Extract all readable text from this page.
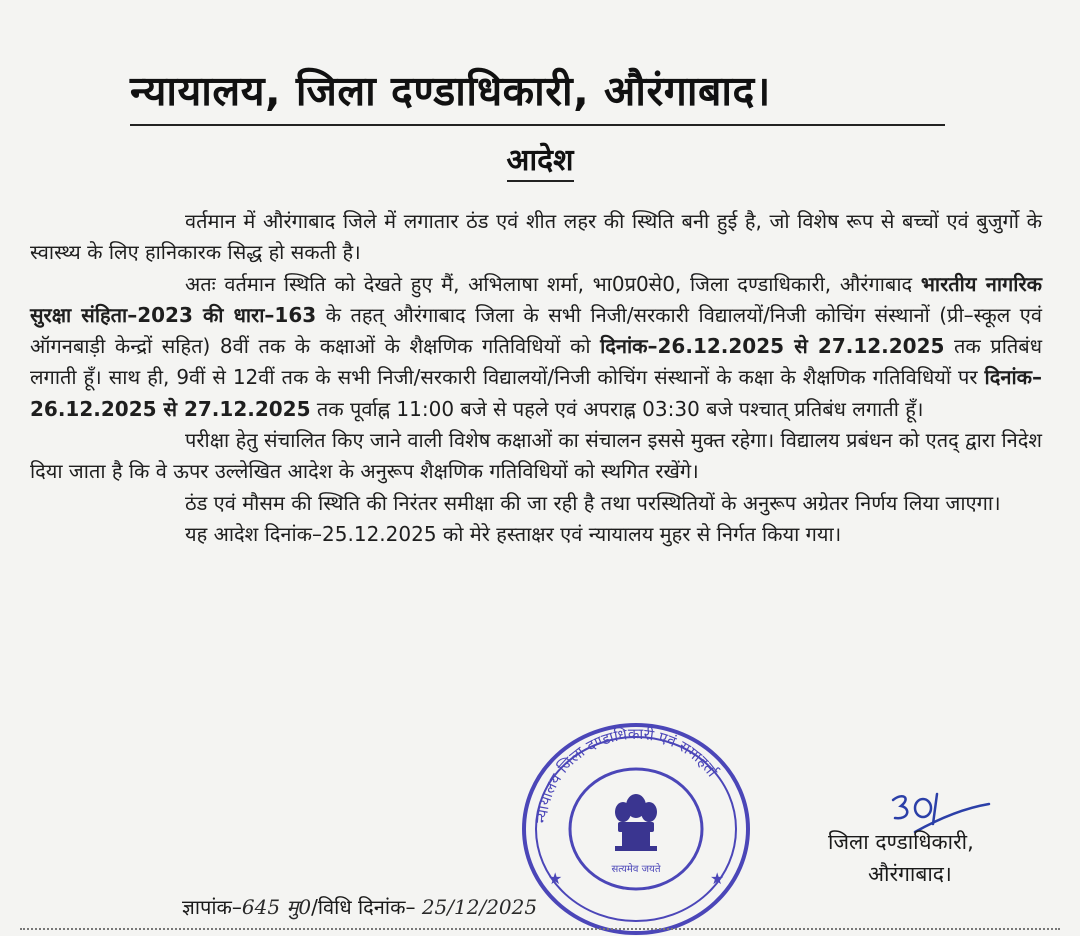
न्यायालय, जिला दण्डाधिकारी, औरंगाबाद।
आदेश

वर्तमान में औरंगाबाद जिले में लगातार ठंड एवं शीत लहर की स्थिति बनी हुई है, जो विशेष रूप से बच्चों एवं बुजुर्गो के स्वास्थ्य के लिए हानिकारक सिद्ध हो सकती है।

अतः वर्तमान स्थिति को देखते हुए मैं, अभिलाषा शर्मा, भा0प्र0से0, जिला दण्डाधिकारी, औरंगाबाद भारतीय नागरिक सुरक्षा संहिता–2023 की धारा–163 के तहत् औरंगाबाद जिला के सभी निजी/सरकारी विद्यालयों/निजी कोचिंग संस्थानों (प्री–स्कूल एवं ऑगनबाड़ी केन्द्रों सहित) 8वीं तक के कक्षाओं के शैक्षणिक गतिविधियों को दिनांक–26.12.2025 से 27.12.2025 तक प्रतिबंध लगाती हूँ। साथ ही, 9वीं से 12वीं तक के सभी निजी/सरकारी विद्यालयों/निजी कोचिंग संस्थानों के कक्षा के शैक्षणिक गतिविधियों पर दिनांक–26.12.2025 से 27.12.2025 तक पूर्वाह्न 11:00 बजे से पहले एवं अपराह्न 03:30 बजे पश्चात् प्रतिबंध लगाती हूँ।

परीक्षा हेतु संचालित किए जाने वाली विशेष कक्षाओं का संचालन इससे मुक्त रहेगा। विद्यालय प्रबंधन को एतद् द्वारा निदेश दिया जाता है कि वे ऊपर उल्लेखित आदेश के अनुरूप शैक्षणिक गतिविधियों को स्थगित रखेंगे।

ठंड एवं मौसम की स्थिति की निरंतर समीक्षा की जा रही है तथा परस्थितियों के अनुरूप अग्रेतर निर्णय लिया जाएगा।

यह आदेश दिनांक–25.12.2025 को मेरे हस्ताक्षर एवं न्यायालय मुहर से निर्गत किया गया।

न्यायालय जिला दण्डाधिकारी एवं समाहर्ता
सत्यमेव जयते
★	★
जिला दण्डाधिकारी,
औरंगाबाद।
ज्ञापांक–645 मु0/विधि दिनांक– 25/12/2025
